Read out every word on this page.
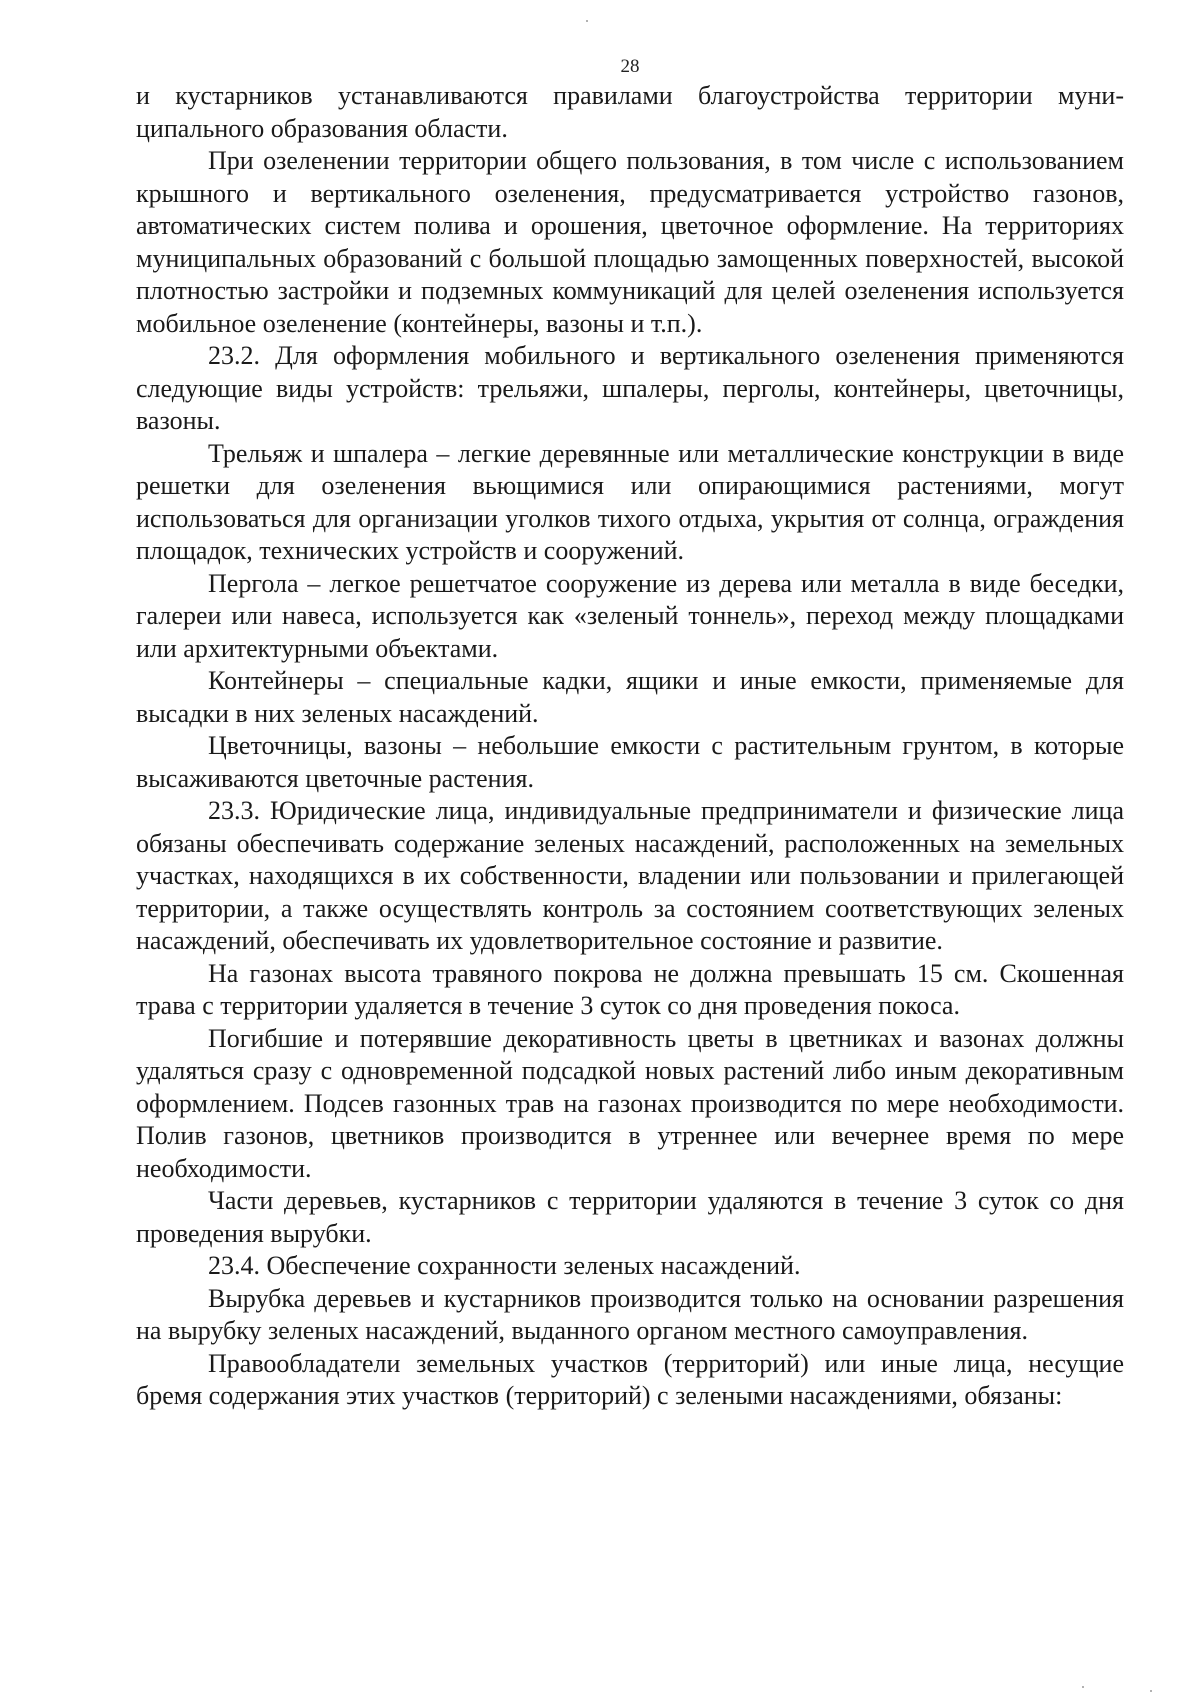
28

и кустарников устанавливаются правилами благоустройства территории муниципального образования области.

При озеленении территории общего пользования, в том числе с использованием крышного и вертикального озеленения, предусматривается устройство газонов, автоматических систем полива и орошения, цветочное оформление. На территориях муниципальных образований с большой площадью замощенных поверхностей, высокой плотностью застройки и подземных коммуникаций для целей озеленения используется мобильное озеленение (контейнеры, вазоны и т.п.).

23.2. Для оформления мобильного и вертикального озеленения применяются следующие виды устройств: трельяжи, шпалеры, перголы, контейнеры, цветочницы, вазоны.

Трельяж и шпалера – легкие деревянные или металлические конструкции в виде решетки для озеленения вьющимися или опирающимися растениями, могут использоваться для организации уголков тихого отдыха, укрытия от солнца, ограждения площадок, технических устройств и сооружений.

Пергола – легкое решетчатое сооружение из дерева или металла в виде беседки, галереи или навеса, используется как «зеленый тоннель», переход между площадками или архитектурными объектами.

Контейнеры – специальные кадки, ящики и иные емкости, применяемые для высадки в них зеленых насаждений.

Цветочницы, вазоны – небольшие емкости с растительным грунтом, в которые высаживаются цветочные растения.

23.3. Юридические лица, индивидуальные предприниматели и физические лица обязаны обеспечивать содержание зеленых насаждений, расположенных на земельных участках, находящихся в их собственности, владении или пользовании и прилегающей территории, а также осуществлять контроль за состоянием соответствующих зеленых насаждений, обеспечивать их удовлетворительное состояние и развитие.

На газонах высота травяного покрова не должна превышать 15 см. Скошенная трава с территории удаляется в течение 3 суток со дня проведения покоса.

Погибшие и потерявшие декоративность цветы в цветниках и вазонах должны удаляться сразу с одновременной подсадкой новых растений либо иным декоративным оформлением. Подсев газонных трав на газонах производится по мере необходимости. Полив газонов, цветников производится в утреннее или вечернее время по мере необходимости.

Части деревьев, кустарников с территории удаляются в течение 3 суток со дня проведения вырубки.

23.4. Обеспечение сохранности зеленых насаждений.

Вырубка деревьев и кустарников производится только на основании разрешения на вырубку зеленых насаждений, выданного органом местного самоуправления.

Правообладатели земельных участков (территорий) или иные лица, несущие бремя содержания этих участков (территорий) с зелеными насаждениями, обязаны:
